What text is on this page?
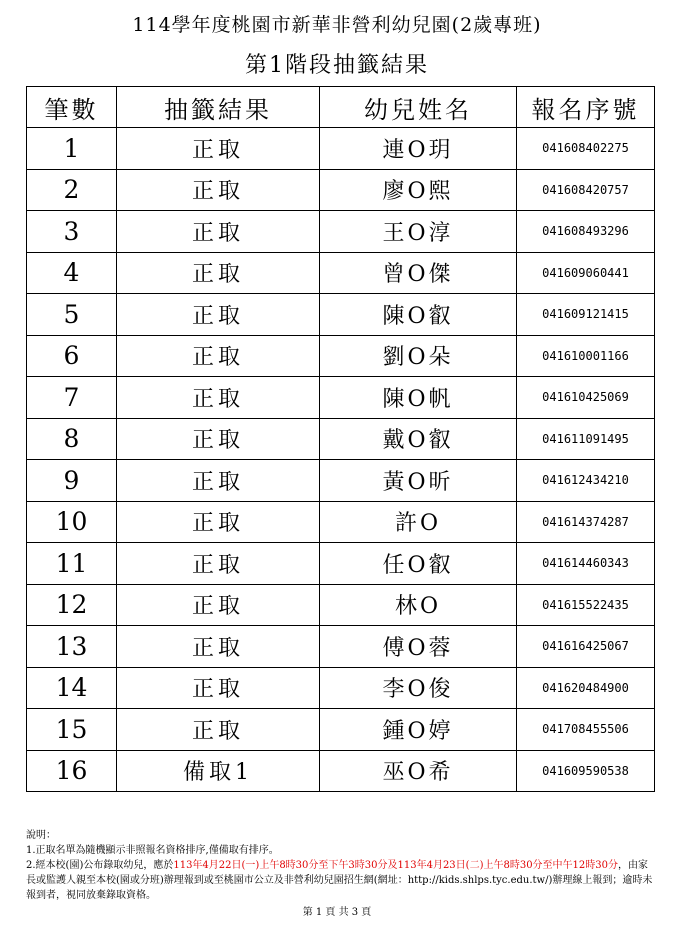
114學年度桃園市新華非營利幼兒園(2歲專班)
第1階段抽籤結果
筆數	抽籤結果	幼兒姓名	報名序號
1	正取	連O玥	041608402275
2	正取	廖O熙	041608420757
3	正取	王O淳	041608493296
4	正取	曾O傑	041609060441
5	正取	陳O叡	041609121415
6	正取	劉O朵	041610001166
7	正取	陳O帆	041610425069
8	正取	戴O叡	041611091495
9	正取	黃O昕	041612434210
10	正取	許O	041614374287
11	正取	任O叡	041614460343
12	正取	林O	041615522435
13	正取	傅O蓉	041616425067
14	正取	李O俊	041620484900
15	正取	鍾O婷	041708455506
16	備取1	巫O希	041609590538
說明：
1.正取名單為隨機顯示非照報名資格排序,僅備取有排序。
2.經本校(園)公布錄取幼兒，應於113年4月22日(一)上午8時30分至下午3時30分及113年4月23日(二)上午8時30分至中午12時30分，由家長或監護人親至本校(園或分班)辦理報到或至桃園市公立及非營利幼兒園招生網(網址：http://kids.shlps.tyc.edu.tw/)辦理線上報到；逾時未報到者，視同放棄錄取資格。
第 1 頁 共 3 頁
